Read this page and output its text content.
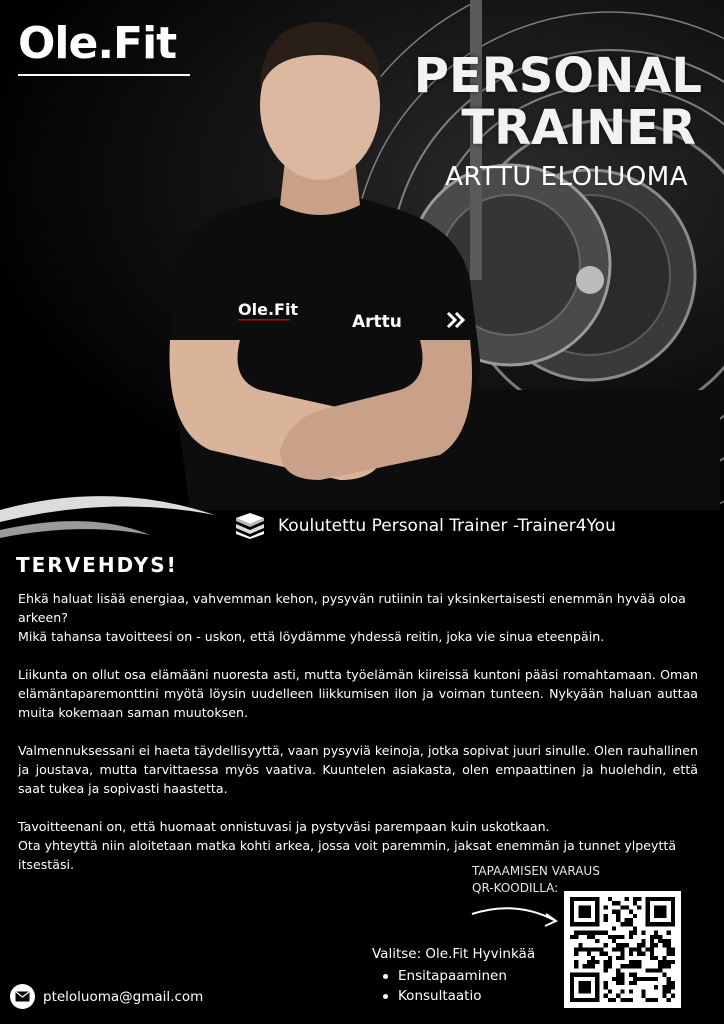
Ole.Fit
Arttu
Ole.Fit
PERSONAL
TRAINER
ARTTU ELOLUOMA
Koulutettu Personal Trainer -Trainer4You
TERVEHDYS!

Ehkä haluat lisää energiaa, vahvemman kehon, pysyvän rutiinin tai yksinkertaisesti enemmän hyvää oloa arkeen?
Mikä tahansa tavoitteesi on - uskon, että löydämme yhdessä reitin, joka vie sinua eteenpäin.

Liikunta on ollut osa elämääni nuoresta asti, mutta työelämän kiireissä kuntoni pääsi romahtamaan. Oman elämäntaparemonttini myötä löysin uudelleen liikkumisen ilon ja voiman tunteen. Nykyään haluan auttaa muita kokemaan saman muutoksen.

Valmennuksessani ei haeta täydellisyyttä, vaan pysyviä keinoja, jotka sopivat juuri sinulle. Olen rauhallinen ja joustava, mutta tarvittaessa myös vaativa. Kuuntelen asiakasta, olen empaattinen ja huolehdin, että saat tukea ja sopivasti haastetta.

Tavoitteenani on, että huomaat onnistuvasi ja pystyväsi parempaan kuin uskotkaan.
Ota yhteyttä niin aloitetaan matka kohti arkea, jossa voit paremmin, jaksat enemmän ja tunnet ylpeyttä itsestäsi.	TAPAAMISEN VARAUS
QR-KOODILLA:
Valitse: Ole.Fit Hyvinkää
Ensitapaaminen
Konsultaatio
pteloluoma@gmail.com
